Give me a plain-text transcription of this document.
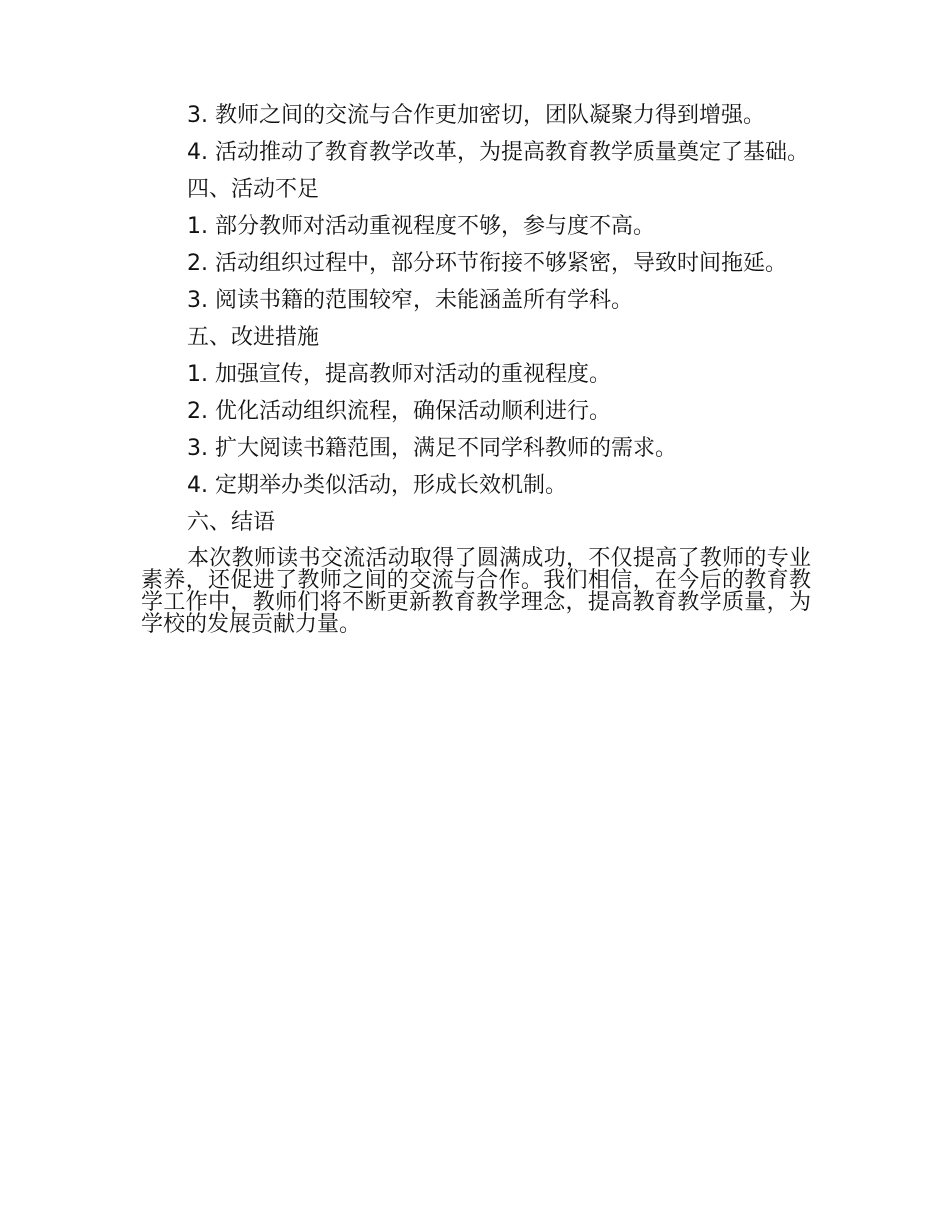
3. 教师之间的交流与合作更加密切，团队凝聚力得到增强。

4. 活动推动了教育教学改革，为提高教育教学质量奠定了基础。

四、活动不足

1. 部分教师对活动重视程度不够，参与度不高。

2. 活动组织过程中，部分环节衔接不够紧密，导致时间拖延。

3. 阅读书籍的范围较窄，未能涵盖所有学科。

五、改进措施

1. 加强宣传，提高教师对活动的重视程度。

2. 优化活动组织流程，确保活动顺利进行。

3. 扩大阅读书籍范围，满足不同学科教师的需求。

4. 定期举办类似活动，形成长效机制。

六、结语

本次教师读书交流活动取得了圆满成功，不仅提高了教师的专业素养，还促进了教师之间的交流与合作。我们相信，在今后的教育教学工作中，教师们将不断更新教育教学理念，提高教育教学质量，为学校的发展贡献力量。
